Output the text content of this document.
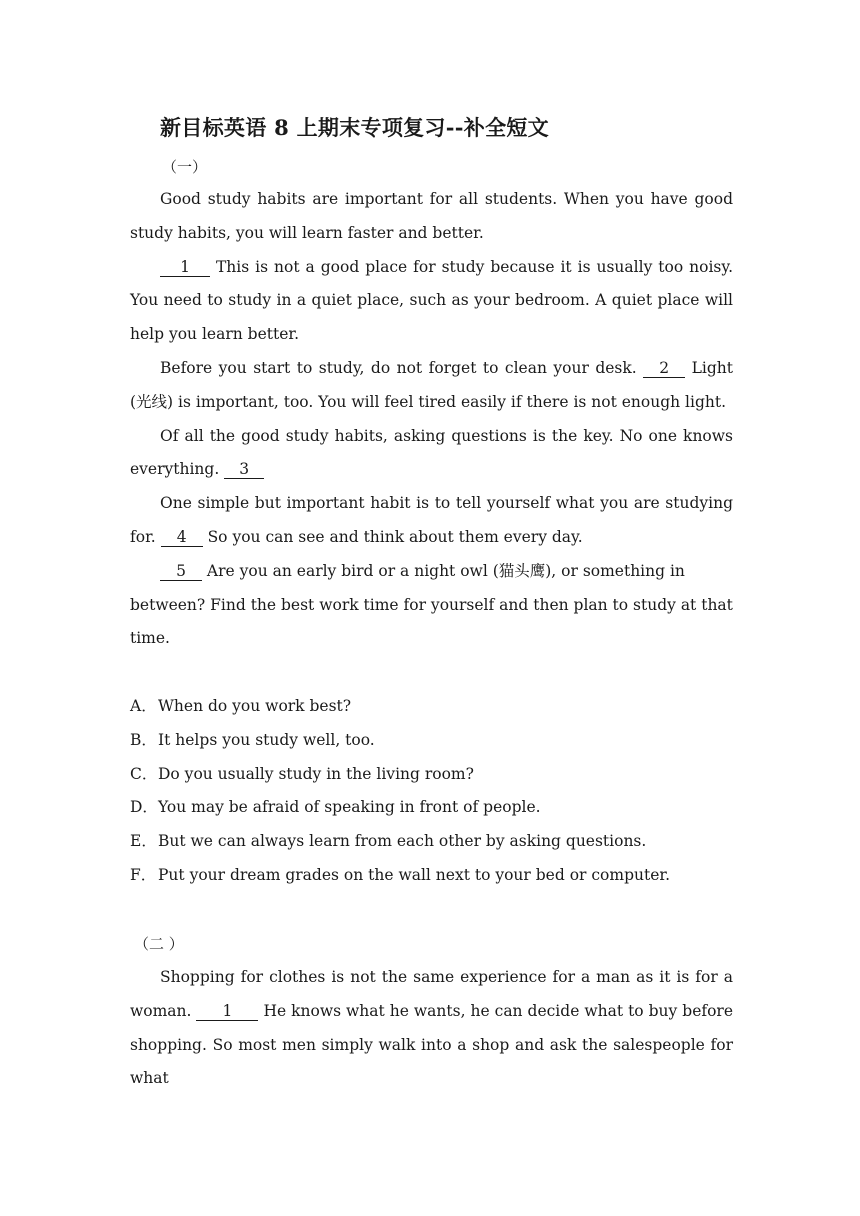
新目标英语 8 上期末专项复习--补全短文
（一）

Good study habits are important for all students. When you have good study habits, you will learn faster and better.

1 This is not a good place for study because it is usually too noisy. You need to study in a quiet place, such as your bedroom. A quiet place will help you learn better.

Before you start to study, do not forget to clean your desk. 2 Light (光线) is important, too. You will feel tired easily if there is not enough light.

Of all the good study habits, asking questions is the key. No one knows everything. 3

One simple but important habit is to tell yourself what you are studying for. 4 So you can see and think about them every day.

5 Are you an early bird or a night owl (猫头鹰), or something in between? Find the best work time for yourself and then plan to study at that time.

A．When do you work best?
B．It helps you study well, too.
C．Do you usually study in the living room?
D．You may be afraid of speaking in front of people.
E．But we can always learn from each other by asking questions.
F． Put your dream grades on the wall next to your bed or computer.
（二 ）

Shopping for clothes is not the same experience for a man as it is for a woman. 1 He knows what he wants, he can decide what to buy before shopping. So most men simply walk into a shop and ask the salespeople for what
